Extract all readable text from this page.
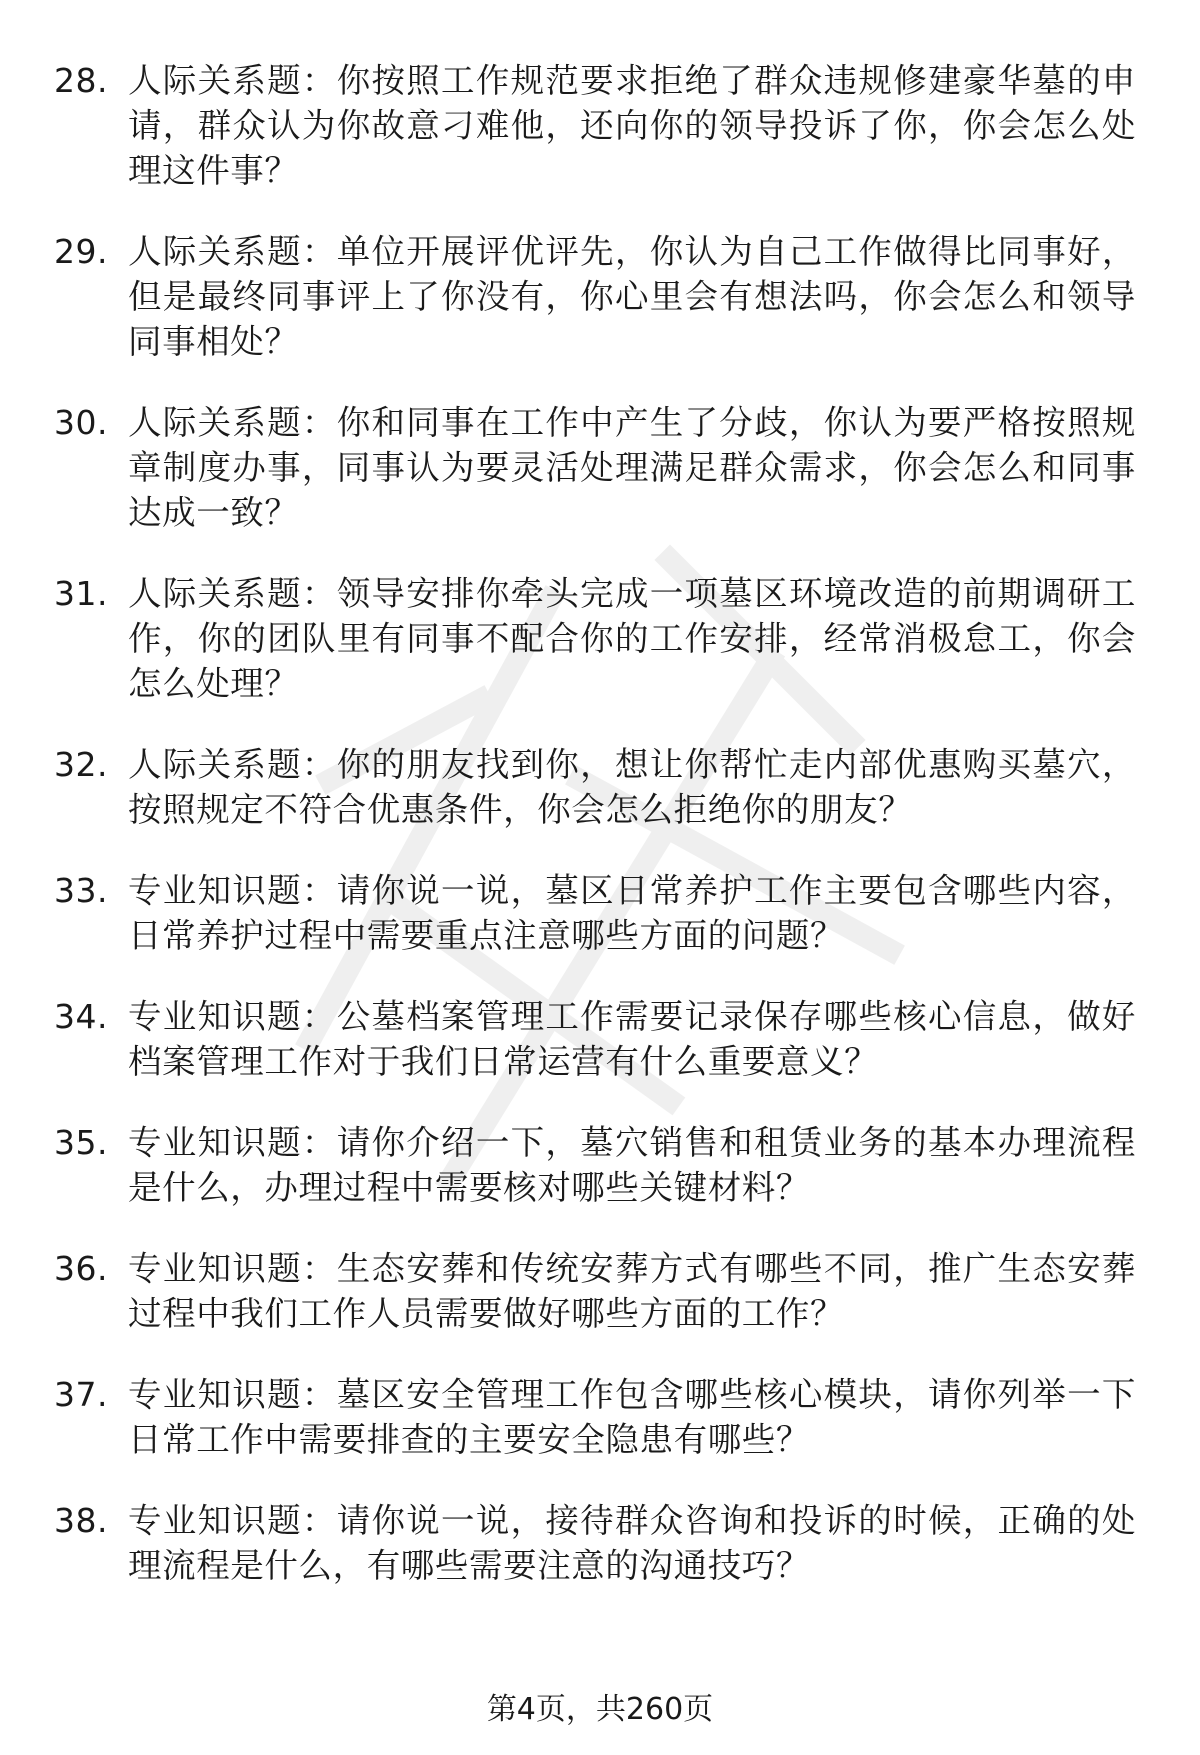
28. 人际关系题：你按照工作规范要求拒绝了群众违规修建豪华墓的申请，群众认为你故意刁难他，还向你的领导投诉了你，你会怎么处理这件事？
29. 人际关系题：单位开展评优评先，你认为自己工作做得比同事好，但是最终同事评上了你没有，你心里会有想法吗，你会怎么和领导同事相处？
30. 人际关系题：你和同事在工作中产生了分歧，你认为要严格按照规章制度办事，同事认为要灵活处理满足群众需求，你会怎么和同事达成一致？
31. 人际关系题：领导安排你牵头完成一项墓区环境改造的前期调研工作，你的团队里有同事不配合你的工作安排，经常消极怠工，你会怎么处理？
32. 人际关系题：你的朋友找到你，想让你帮忙走内部优惠购买墓穴，按照规定不符合优惠条件，你会怎么拒绝你的朋友？
33. 专业知识题：请你说一说，墓区日常养护工作主要包含哪些内容，日常养护过程中需要重点注意哪些方面的问题？
34. 专业知识题：公墓档案管理工作需要记录保存哪些核心信息，做好档案管理工作对于我们日常运营有什么重要意义？
35. 专业知识题：请你介绍一下，墓穴销售和租赁业务的基本办理流程是什么，办理过程中需要核对哪些关键材料？
36. 专业知识题：生态安葬和传统安葬方式有哪些不同，推广生态安葬过程中我们工作人员需要做好哪些方面的工作？
37. 专业知识题：墓区安全管理工作包含哪些核心模块，请你列举一下日常工作中需要排查的主要安全隐患有哪些？
38. 专业知识题：请你说一说，接待群众咨询和投诉的时候，正确的处理流程是什么，有哪些需要注意的沟通技巧？
第4页，共260页
